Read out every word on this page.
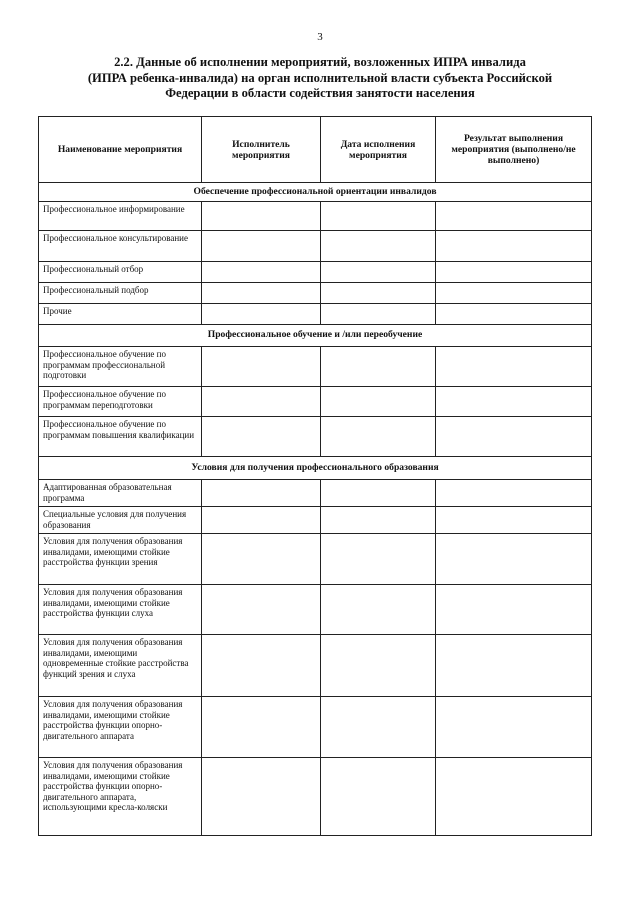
3
2.2. Данные об исполнении мероприятий, возложенных ИПРА инвалида
(ИПРА ребенка-инвалида) на орган исполнительной власти субъекта Российской
Федерации в области содействия занятости населения
Наименование мероприятия	Исполнитель мероприятия	Дата исполнения мероприятия	Результат выполнения мероприятия (выполнено/не выполнено)
Обеспечение профессиональной ориентации инвалидов			
Профессиональное информирование			
Профессиональное консультирование			
Профессиональный отбор			
Профессиональный подбор			
Прочие			
Профессиональное обучение и /или переобучение			
Профессиональное обучение по программам профессиональной подготовки			
Профессиональное обучение по программам переподготовки			
Профессиональное обучение по программам повышения квалификации			
Условия для получения профессионального образования			
Адаптированная образовательная программа			
Специальные условия для получения образования			
Условия для получения образования инвалидами, имеющими стойкие расстройства функции зрения			
Условия для получения образования инвалидами, имеющими стойкие расстройства функции слуха			
Условия для получения образования инвалидами, имеющими одновременные стойкие расстройства функций зрения и слуха			
Условия для получения образования инвалидами, имеющими стойкие расстройства функции опорно-двигательного аппарата			
Условия для получения образования инвалидами, имеющими стойкие расстройства функции опорно-двигательного аппарата, использующими кресла-коляски			
